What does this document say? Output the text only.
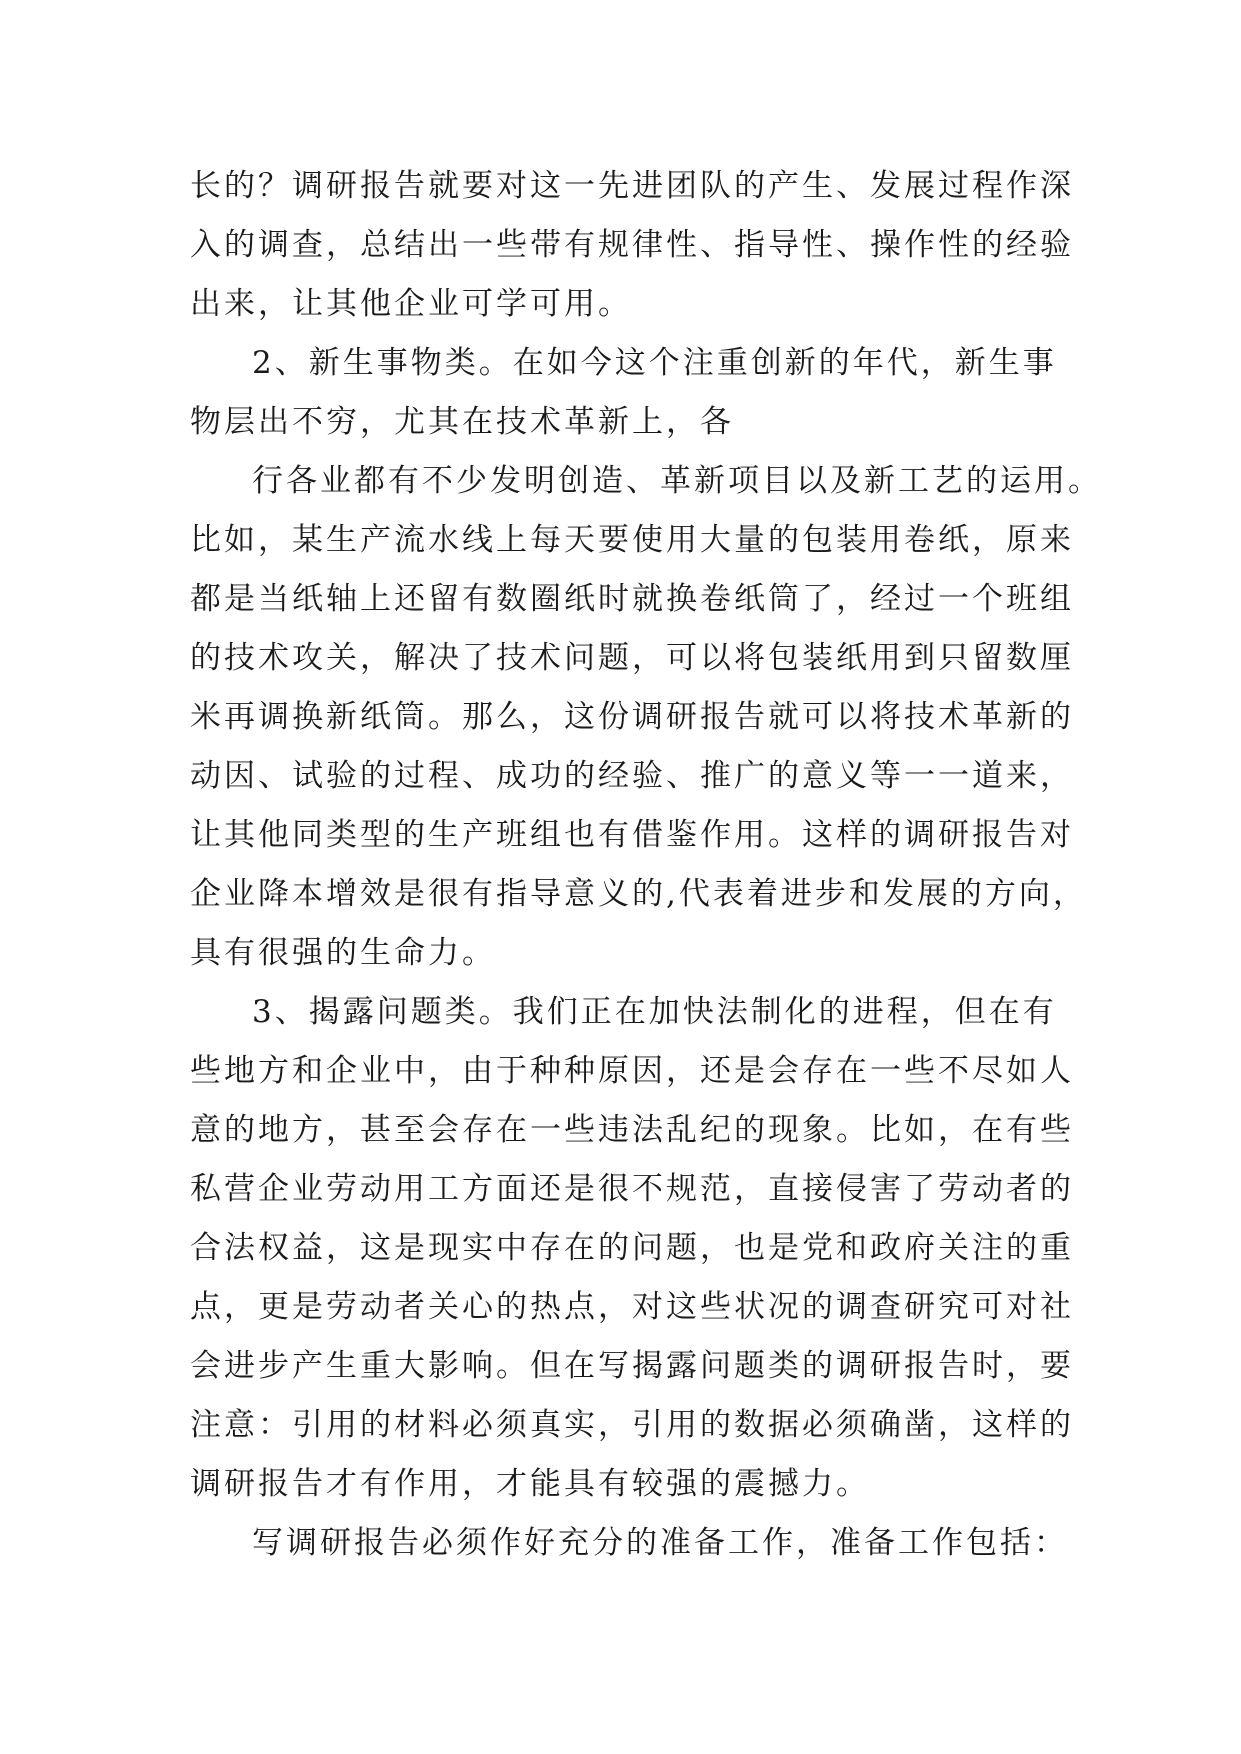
长的？调研报告就要对这一先进团队的产生、发展过程作深
入的调查，总结出一些带有规律性、指导性、操作性的经验
出来，让其他企业可学可用。
2、新生事物类。在如今这个注重创新的年代，新生事
物层出不穷，尤其在技术革新上，各
行各业都有不少发明创造、革新项目以及新工艺的运用。
比如，某生产流水线上每天要使用大量的包装用卷纸，原来
都是当纸轴上还留有数圈纸时就换卷纸筒了，经过一个班组
的技术攻关，解决了技术问题，可以将包装纸用到只留数厘
米再调换新纸筒。那么，这份调研报告就可以将技术革新的
动因、试验的过程、成功的经验、推广的意义等一一道来，
让其他同类型的生产班组也有借鉴作用。这样的调研报告对
企业降本增效是很有指导意义的,代表着进步和发展的方向，
具有很强的生命力。
3、揭露问题类。我们正在加快法制化的进程，但在有
些地方和企业中，由于种种原因，还是会存在一些不尽如人
意的地方，甚至会存在一些违法乱纪的现象。比如，在有些
私营企业劳动用工方面还是很不规范，直接侵害了劳动者的
合法权益，这是现实中存在的问题，也是党和政府关注的重
点，更是劳动者关心的热点，对这些状况的调查研究可对社
会进步产生重大影响。但在写揭露问题类的调研报告时，要
注意：引用的材料必须真实，引用的数据必须确凿，这样的
调研报告才有作用，才能具有较强的震撼力。
写调研报告必须作好充分的准备工作，准备工作包括：
